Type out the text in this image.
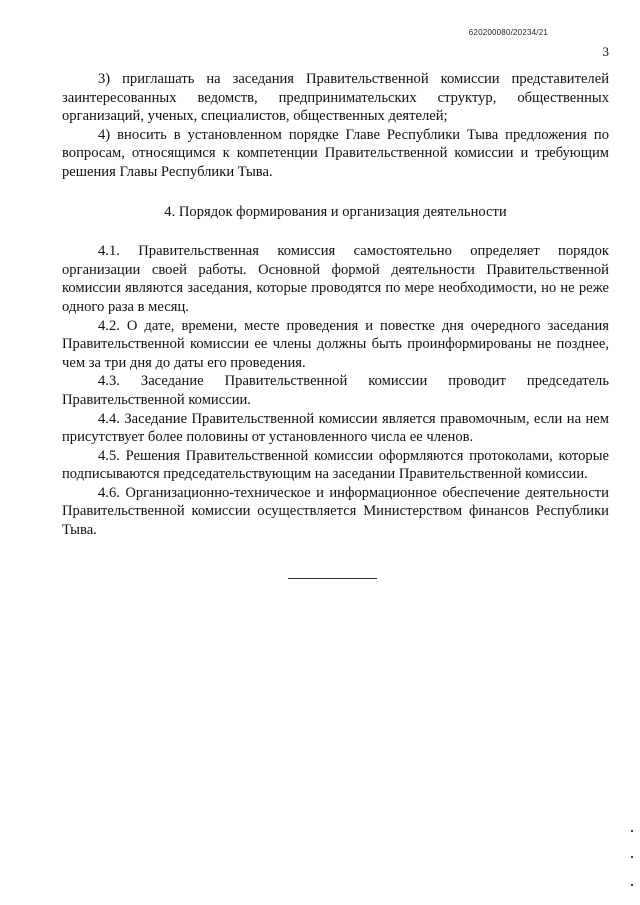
620200080/20234/21
3

3) приглашать на заседания Правительственной комиссии представителей заинтересованных ведомств, предпринимательских структур, общественных организаций, ученых, специалистов, общественных деятелей;

4) вносить в установленном порядке Главе Республики Тыва предложения по вопросам, относящимся к компетенции Правительственной комиссии и требующим решения Главы Республики Тыва.

4. Порядок формирования и организация деятельности

4.1. Правительственная комиссия самостоятельно определяет порядок организации своей работы. Основной формой деятельности Правительственной комиссии являются заседания, которые проводятся по мере необходимости, но не реже одного раза в месяц.

4.2. О дате, времени, месте проведения и повестке дня очередного заседания Правительственной комиссии ее члены должны быть проинформированы не позднее, чем за три дня до даты его проведения.

4.3. Заседание Правительственной комиссии проводит председатель Правительственной комиссии.

4.4. Заседание Правительственной комиссии является правомочным, если на нем присутствует более половины от установленного числа ее членов.

4.5. Решения Правительственной комиссии оформляются протоколами, которые подписываются председательствующим на заседании Правительственной комиссии.

4.6. Организационно-техническое и информационное обеспечение деятельности Правительственной комиссии осуществляется Министерством финансов Республики Тыва.
